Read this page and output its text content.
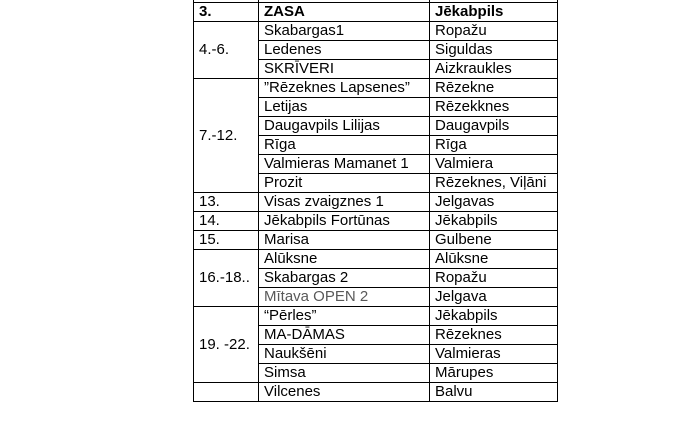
3.	ZASA	Jēkabpils
4.-6.	Skabargas1	Ropažu
	Ledenes	Siguldas
	SKRĪVERI	Aizkraukles
7.-12.	”Rēzeknes Lapsenes”	Rēzekne
	Letijas	Rēzekknes
	Daugavpils Lilijas	Daugavpils
	Rīga	Rīga
	Valmieras Mamanet 1	Valmiera
	Prozit	Rēzeknes, Viļāni
13.	Visas zvaigznes 1	Jelgavas
14.	Jēkabpils Fortūnas	Jēkabpils
15.	Marisa	Gulbene
16.-18..	Alūksne	Alūksne
	Skabargas 2	Ropažu
	Mītava OPEN 2	Jelgava
19. -22.	“Pērles”	Jēkabpils
	MA-DĀMAS	Rēzeknes
	Naukšēni	Valmieras
	Simsa	Mārupes
	Vilcenes	Balvu
